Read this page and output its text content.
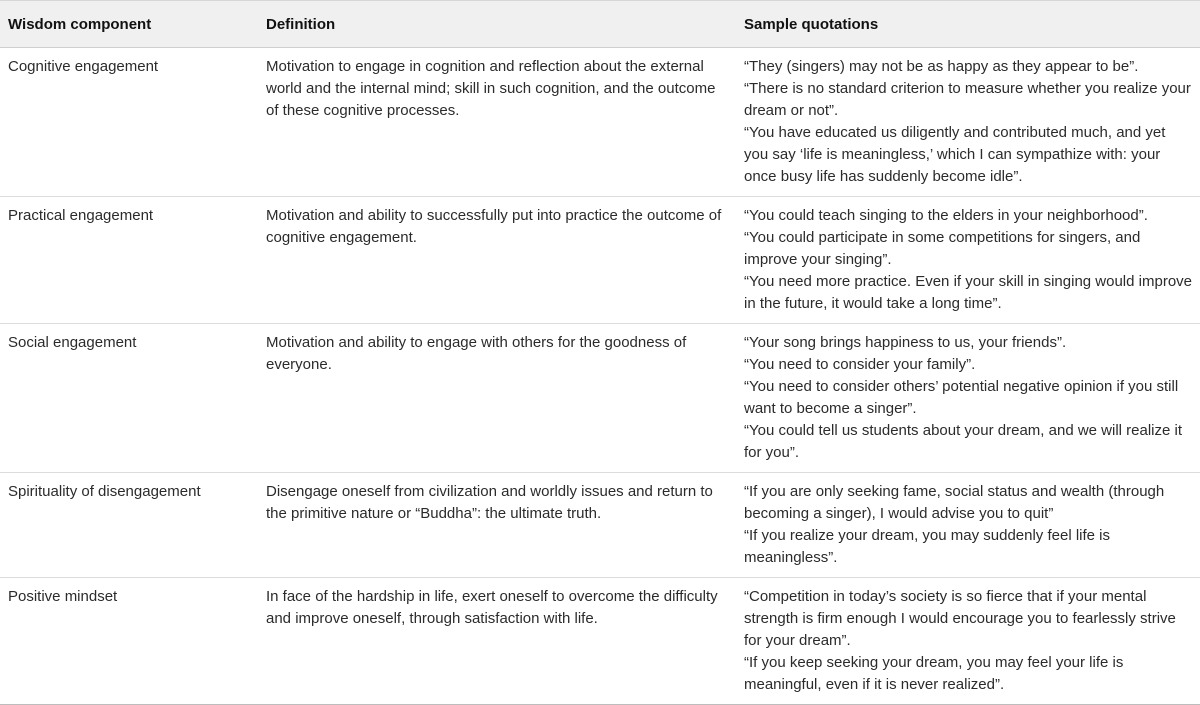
Wisdom component	Definition	Sample quotations
Cognitive engagement	Motivation to engage in cognition and reflection about the external world and the internal mind; skill in such cognition, and the outcome of these cognitive processes.	“They (singers) may not be as happy as they appear to be”.
“There is no standard criterion to measure whether you realize your dream or not”.
“You have educated us diligently and contributed much, and yet you say ‘life is meaningless,’ which I can sympathize with: your once busy life has suddenly become idle”.

Practical engagement	Motivation and ability to successfully put into practice the outcome of cognitive engagement.	“You could teach singing to the elders in your neighborhood”.
“You could participate in some competitions for singers, and improve your singing”.
“You need more practice. Even if your skill in singing would improve in the future, it would take a long time”.

Social engagement	Motivation and ability to engage with others for the goodness of everyone.	“Your song brings happiness to us, your friends”.
“You need to consider your family”.
“You need to consider others’ potential negative opinion if you still want to become a singer”.
“You could tell us students about your dream, and we will realize it for you”.

Spirituality of disengagement	Disengage oneself from civilization and worldly issues and return to the primitive nature or “Buddha”: the ultimate truth.	“If you are only seeking fame, social status and wealth (through becoming a singer), I would advise you to quit”
“If you realize your dream, you may suddenly feel life is meaningless”.

Positive mindset	In face of the hardship in life, exert oneself to overcome the difficulty and improve oneself, through satisfaction with life.	“Competition in today’s society is so fierce that if your mental strength is firm enough I would encourage you to fearlessly strive for your dream”.
“If you keep seeking your dream, you may feel your life is meaningful, even if it is never realized”.
